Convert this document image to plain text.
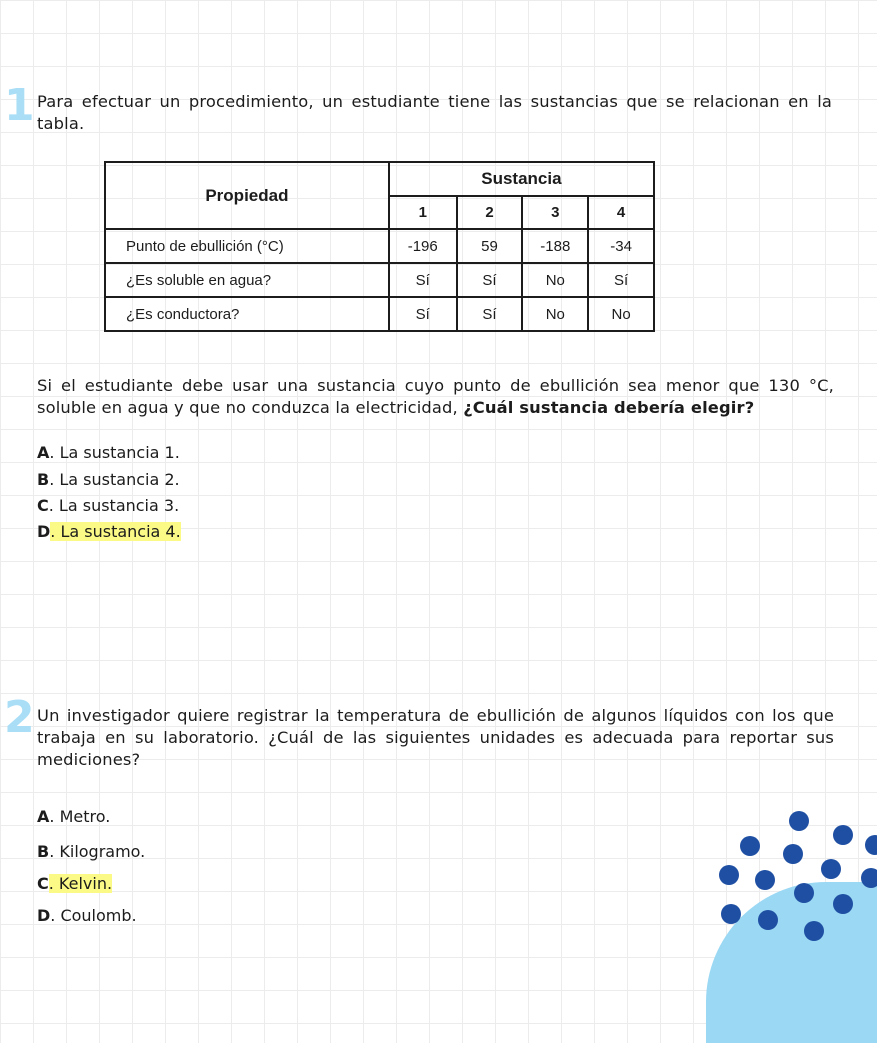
1 Para efectuar un procedimiento, un estudiante tiene las sustancias que se relacionan en la tabla.

Propiedad	Sustancia			
	1	2	3	4
Punto de ebullición (°C)	-196	59	-188	-34
¿Es soluble en agua?	Sí	Sí	No	Sí
¿Es conductora?	Sí	Sí	No	No

Si el estudiante debe usar una sustancia cuyo punto de ebullición sea menor que 130 °C, soluble en agua y que no conduzca la electricidad, ¿Cuál sustancia debería elegir?

A. La sustancia 1.
B. La sustancia 2.
C. La sustancia 3.
D. La sustancia 4.
2 Un investigador quiere registrar la temperatura de ebullición de algunos líquidos con los que trabaja en su laboratorio. ¿Cuál de las siguientes unidades es adecuada para reportar sus mediciones?

A. Metro.
B. Kilogramo.
C. Kelvin.
D. Coulomb.
